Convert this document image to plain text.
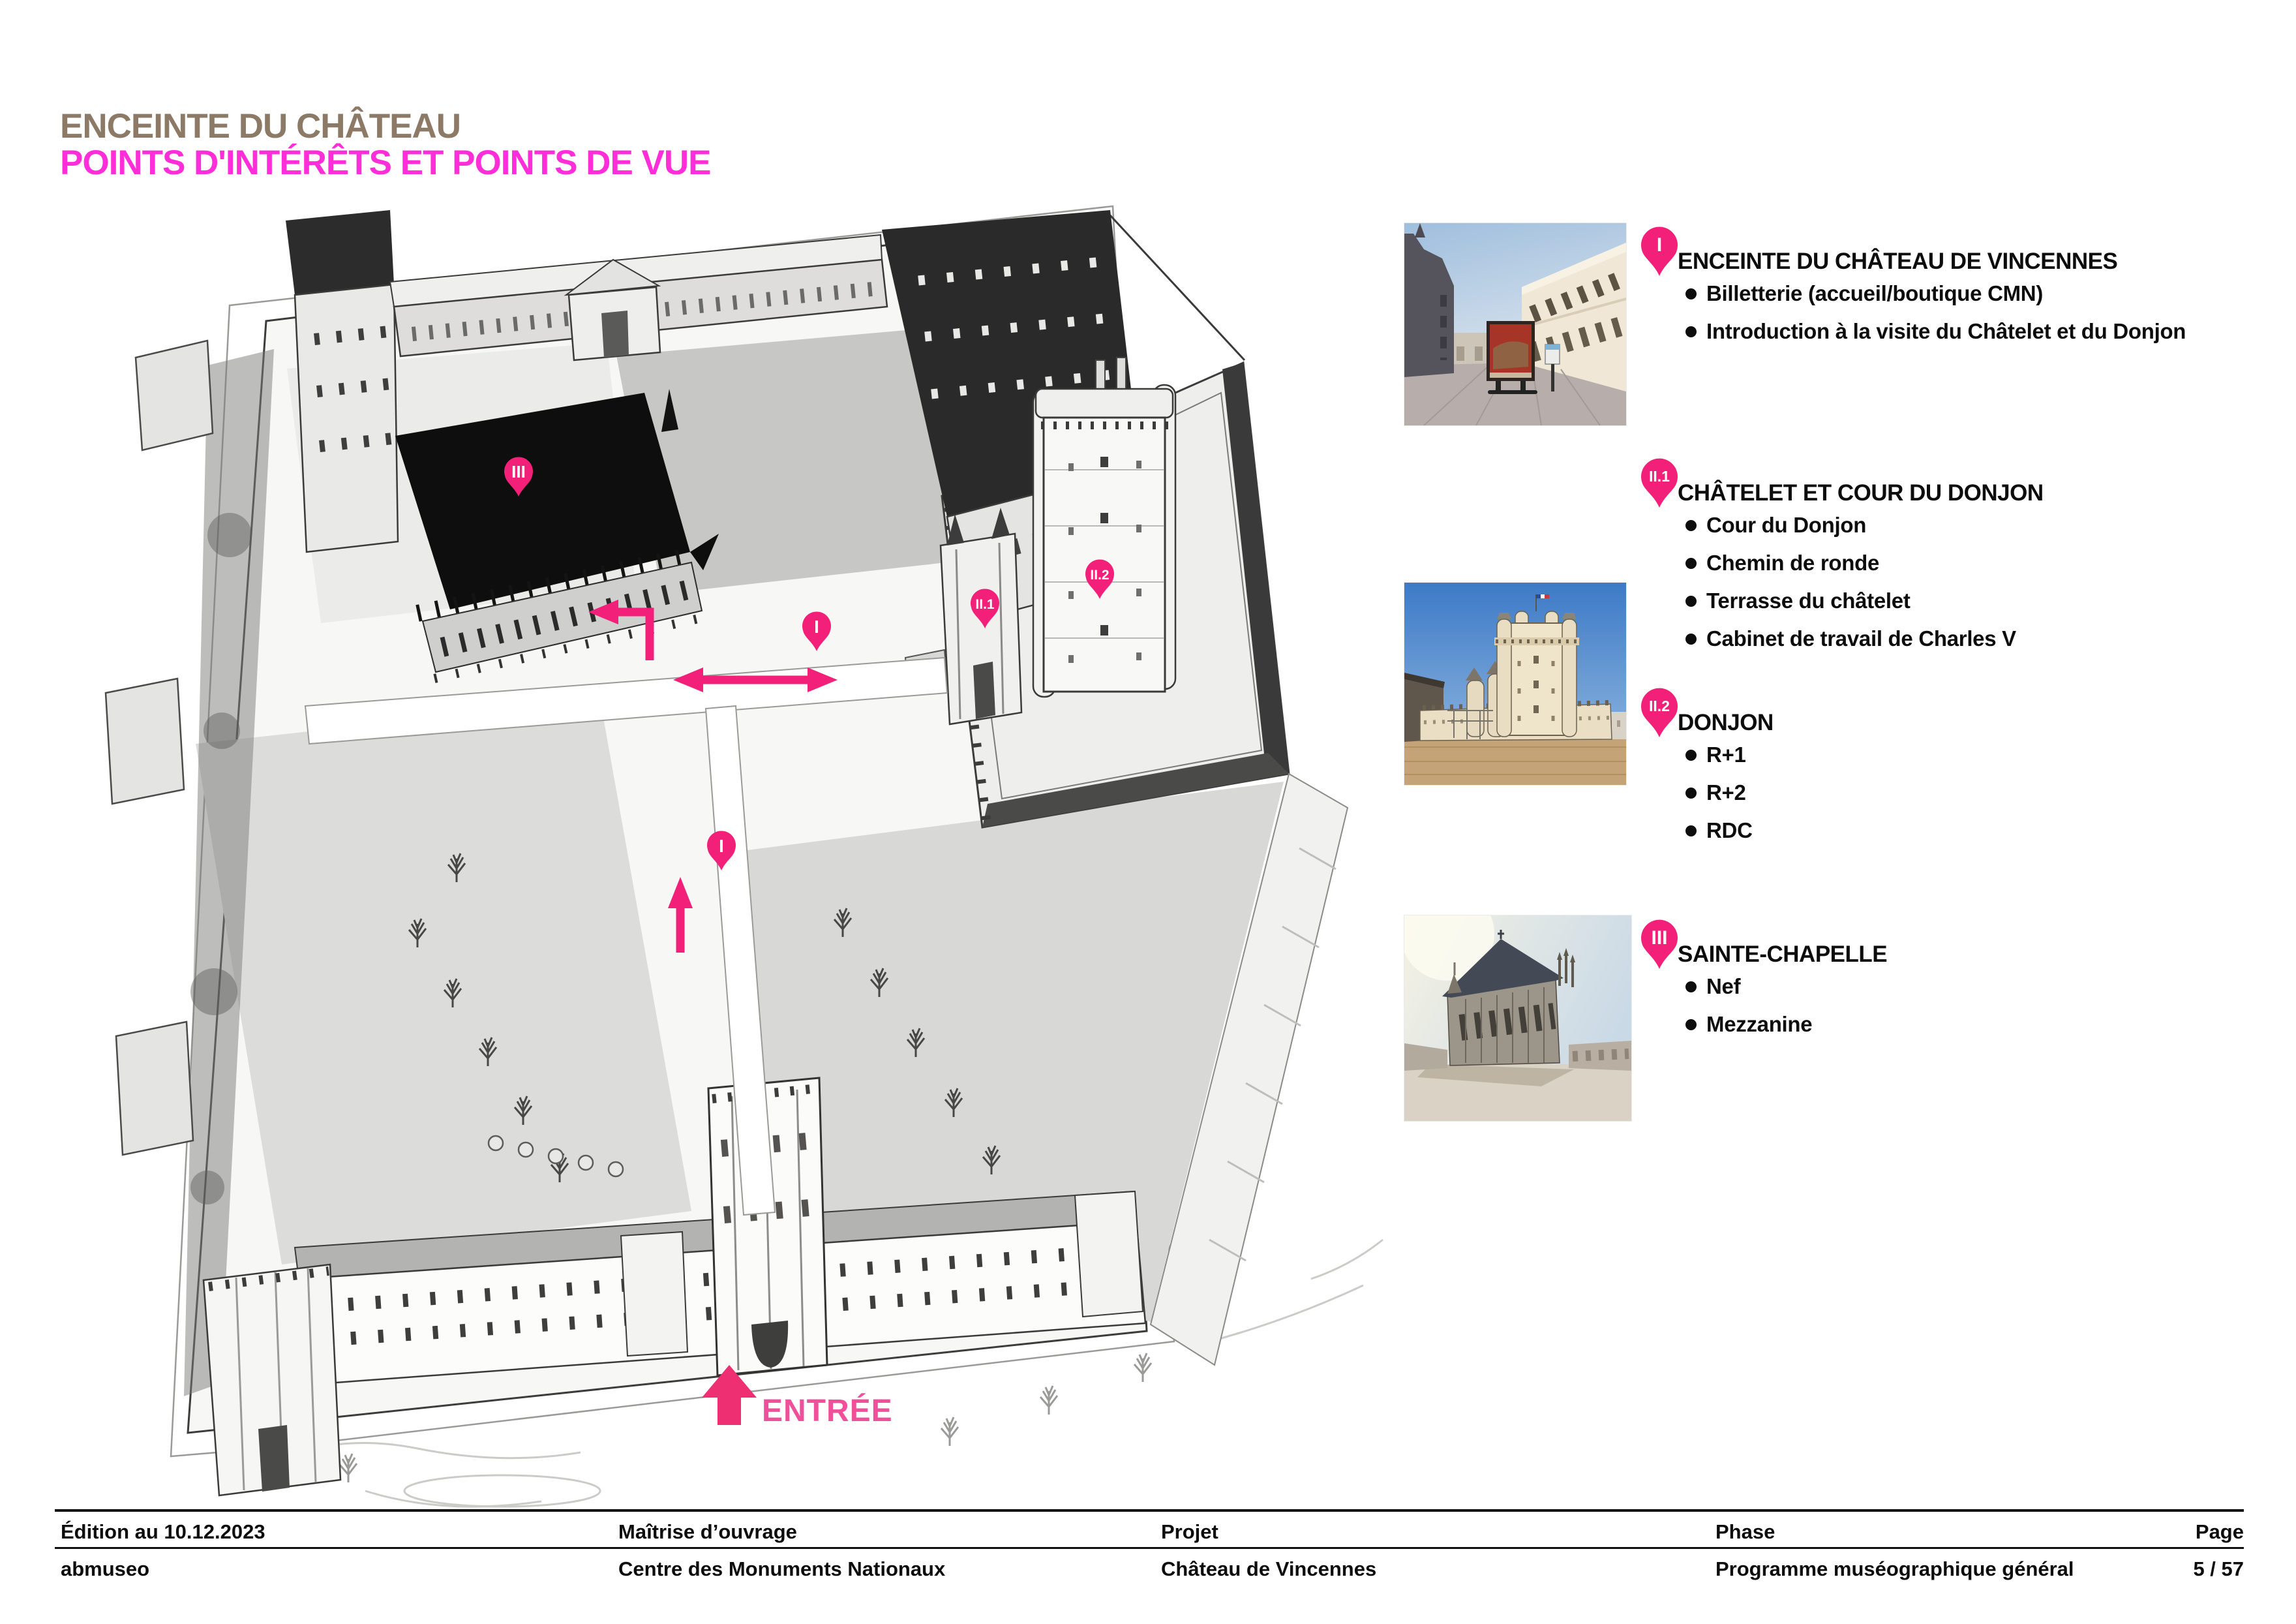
ENCEINTE DU CHÂTEAU
POINTS D'INTÉRÊTS ET POINTS DE VUE
ENTRÉE
III
I
II.1
II.2
I
I
ENCEINTE DU CHÂTEAU DE VINCENNES
Billetterie (accueil/boutique CMN)
Introduction à la visite du Châtelet et du Donjon
II.1
CHÂTELET ET COUR DU DONJON
Cour du Donjon
Chemin de ronde
Terrasse du châtelet
Cabinet de travail de Charles V
II.2
DONJON
R+1
R+2
RDC
III
SAINTE-CHAPELLE
Nef
Mezzanine
Édition au 10.12.2023	Maîtrise d’ouvrage	Projet	Phase	Page
abmuseo	Centre des Monuments Nationaux	Château de Vincennes	Programme muséographique général	5 / 57
